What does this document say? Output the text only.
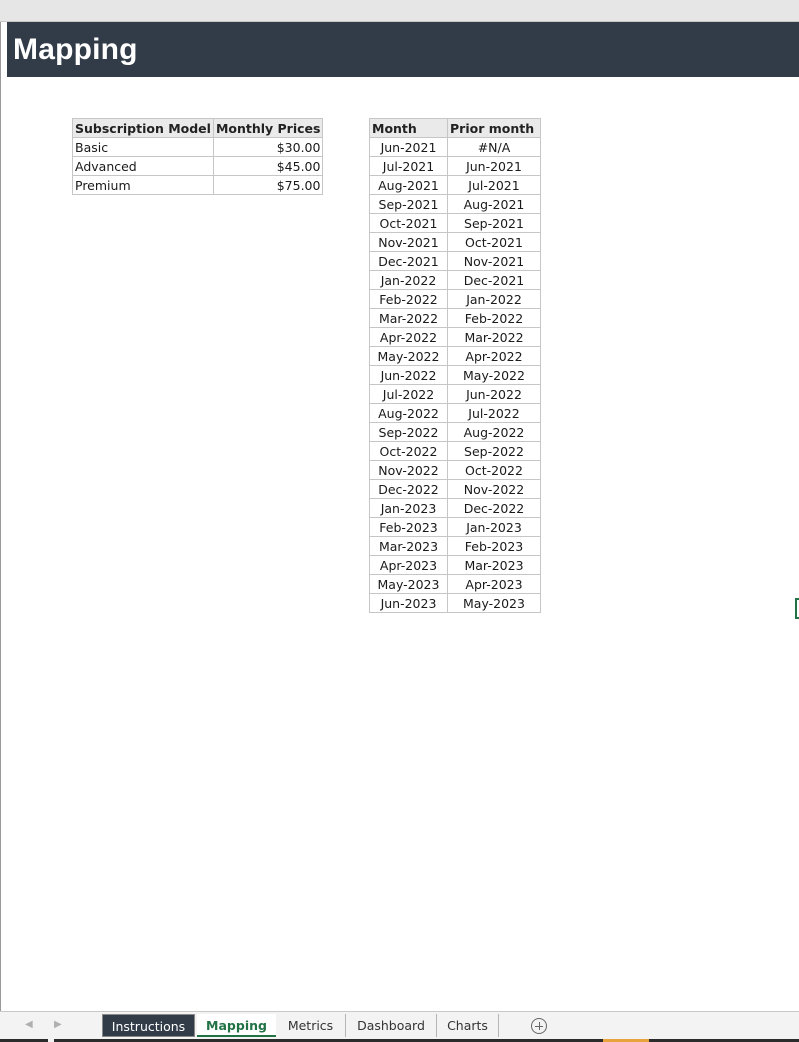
Mapping
Subscription Model	Monthly Prices
Basic	$30.00
Advanced	$45.00
Premium	$75.00
Month	Prior month
Jun-2021	#N/A
Jul-2021	Jun-2021
Aug-2021	Jul-2021
Sep-2021	Aug-2021
Oct-2021	Sep-2021
Nov-2021	Oct-2021
Dec-2021	Nov-2021
Jan-2022	Dec-2021
Feb-2022	Jan-2022
Mar-2022	Feb-2022
Apr-2022	Mar-2022
May-2022	Apr-2022
Jun-2022	May-2022
Jul-2022	Jun-2022
Aug-2022	Jul-2022
Sep-2022	Aug-2022
Oct-2022	Sep-2022
Nov-2022	Oct-2022
Dec-2022	Nov-2022
Jan-2023	Dec-2022
Feb-2023	Jan-2023
Mar-2023	Feb-2023
Apr-2023	Mar-2023
May-2023	Apr-2023
Jun-2023	May-2023
◀ ▶	Instructions	Mapping	Metrics	Dashboard	Charts
